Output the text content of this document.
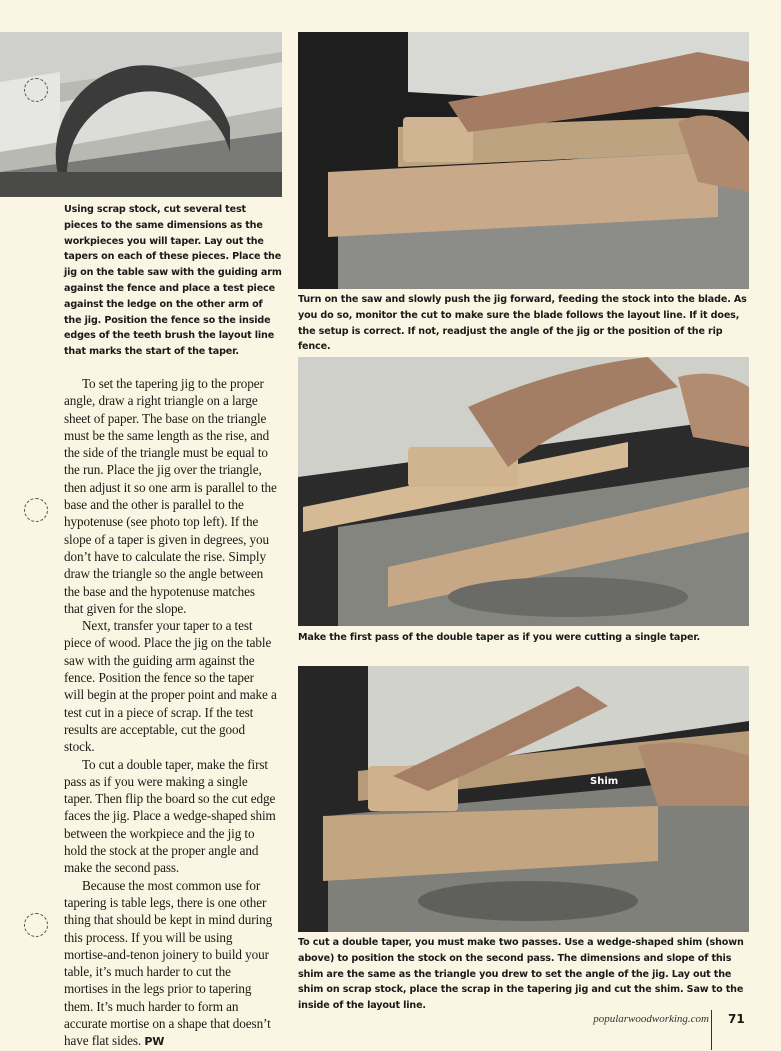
Shim

Using scrap stock, cut several test pieces to the same dimensions as the workpieces you will taper. Lay out the tapers on each of these pieces. Place the jig on the table saw with the guiding arm against the fence and place a test piece against the ledge on the other arm of the jig. Position the fence so the inside edges of the teeth brush the layout line that marks the start of the taper.

Turn on the saw and slowly push the jig forward, feeding the stock into the blade. As you do so, monitor the cut to make sure the blade follows the layout line. If it does, the setup is correct. If not, readjust the angle of the jig or the position of the rip fence.

Make the first pass of the double taper as if you were cutting a single taper.

To cut a double taper, you must make two passes. Use a wedge-shaped shim (shown above) to position the stock on the second pass. The dimensions and slope of this shim are the same as the triangle you drew to set the angle of the jig. Lay out the shim on scrap stock, place the scrap in the tapering jig and cut the shim. Saw to the inside of the layout line.

To set the tapering jig to the proper angle, draw a right triangle on a large sheet of paper. The base on the triangle must be the same length as the rise, and the side of the triangle must be equal to the run. Place the jig over the triangle, then adjust it so one arm is parallel to the base and the other is parallel to the hypotenuse (see photo top left). If the slope of a taper is given in degrees, you don’t have to calculate the rise. Simply draw the triangle so the angle between the base and the hypotenuse matches that given for the slope.

Next, transfer your taper to a test piece of wood. Place the jig on the table saw with the guiding arm against the fence. Position the fence so the taper will begin at the proper point and make a test cut in a piece of scrap. If the test results are acceptable, cut the good stock.

To cut a double taper, make the first pass as if you were making a single taper. Then flip the board so the cut edge faces the jig. Place a wedge-shaped shim between the workpiece and the jig to hold the stock at the proper angle and make the second pass.

Because the most common use for tapering is table legs, there is one other thing that should be kept in mind during this process. If you will be using mortise-and-tenon joinery to build your table, it’s much harder to cut the mortises in the legs prior to tapering them. It’s much harder to form an accurate mortise on a shape that doesn’t have flat sides. PW

popularwoodworking.com 71
